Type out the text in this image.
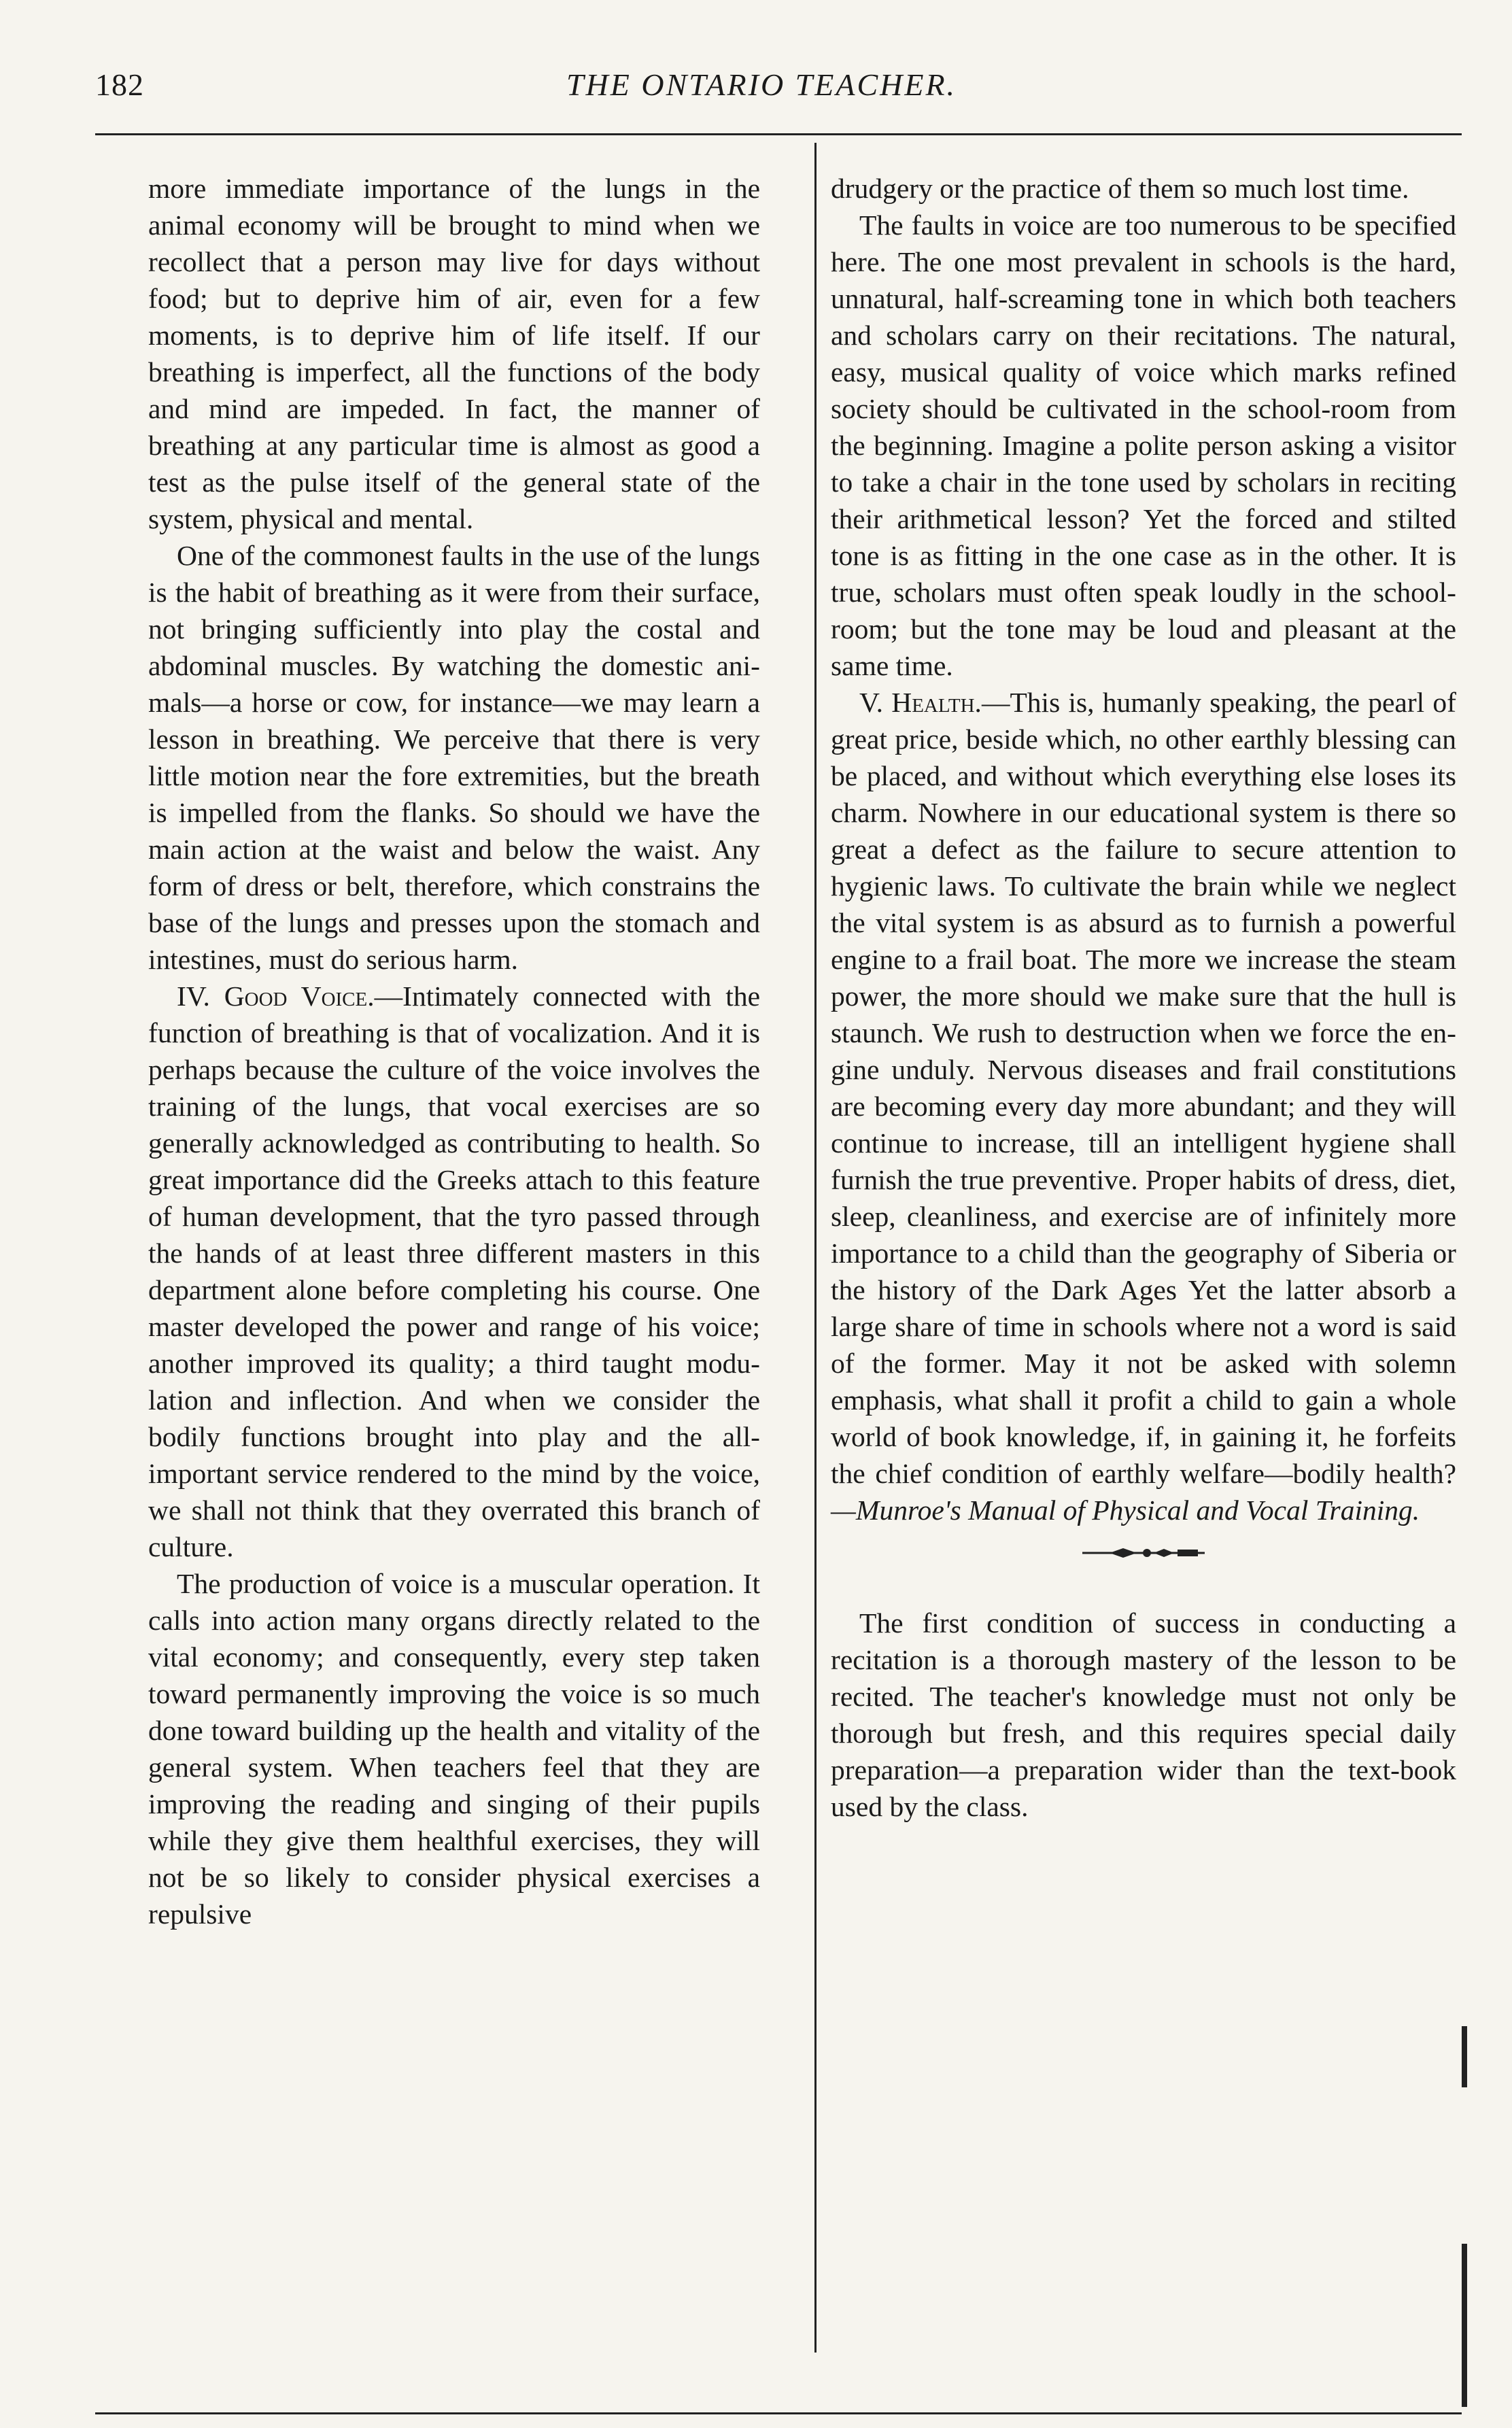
182	THE ONTARIO TEACHER.

more immediate importance of the lungs in the animal economy will be brought to mind when we recollect that a person may live for days without food; but to deprive him of air, even for a few moments, is to deprive him of life itself. If our breathing is imperfect, all the functions of the body and mind are impeded. In fact, the manner of breathing at any particular time is almost as good a test as the pulse itself of the general state of the system, physical and mental.

One of the commonest faults in the use of the lungs is the habit of breathing as it were from their surface, not bringing sufficiently into play the costal and abdominal muscles. By watching the domestic animals—a horse or cow, for instance—we may learn a lesson in breathing. We perceive that there is very little motion near the fore extremities, but the breath is impelled from the flanks. So should we have the main action at the waist and below the waist. Any form of dress or belt, therefore, which constrains the base of the lungs and presses upon the stomach and intestines, must do serious harm.

IV. Good Voice.—Intimately connected with the function of breathing is that of vocalization. And it is perhaps because the culture of the voice involves the training of the lungs, that vocal exercises are so generally acknowledged as contributing to health. So great importance did the Greeks attach to this feature of human development, that the tyro passed through the hands of at least three different masters in this department alone before completing his course. One master developed the power and range of his voice; another improved its quality; a third taught modulation and inflection. And when we consider the bodily functions brought into play and the all-important service rendered to the mind by the voice, we shall not think that they overrated this branch of culture.

The production of voice is a muscular operation. It calls into action many organs directly related to the vital economy; and consequently, every step taken toward permanently improving the voice is so much done toward building up the health and vitality of the general system. When teachers feel that they are improving the reading and singing of their pupils while they give them healthful exercises, they will not be so likely to consider physical exercises a repulsive

drudgery or the practice of them so much lost time.

The faults in voice are too numerous to be specified here. The one most prevalent in schools is the hard, unnatural, half-screaming tone in which both teachers and scholars carry on their recitations. The natural, easy, musical quality of voice which marks refined society should be cultivated in the school-room from the beginning. Imagine a polite person asking a visitor to take a chair in the tone used by scholars in reciting their arithmetical lesson? Yet the forced and stilted tone is as fitting in the one case as in the other. It is true, scholars must often speak loudly in the school-room; but the tone may be loud and pleasant at the same time.

V. Health.—This is, humanly speaking, the pearl of great price, beside which, no other earthly blessing can be placed, and without which everything else loses its charm. Nowhere in our educational system is there so great a defect as the failure to secure attention to hygienic laws. To cultivate the brain while we neglect the vital system is as absurd as to furnish a powerful engine to a frail boat. The more we increase the steam power, the more should we make sure that the hull is staunch. We rush to destruction when we force the engine unduly. Nervous diseases and frail constitutions are becoming every day more abundant; and they will continue to increase, till an intelligent hygiene shall furnish the true preventive. Proper habits of dress, diet, sleep, cleanliness, and exercise are of infinitely more importance to a child than the geography of Siberia or the history of the Dark Ages Yet the latter absorb a large share of time in schools where not a word is said of the former. May it not be asked with solemn emphasis, what shall it profit a child to gain a whole world of book knowledge, if, in gaining it, he forfeits the chief condition of earthly welfare—bodily health?—Munroe's Manual of Physical and Vocal Training.

The first condition of success in conducting a recitation is a thorough mastery of the lesson to be recited. The teacher's knowledge must not only be thorough but fresh, and this requires special daily preparation—a preparation wider than the text-book used by the class.
